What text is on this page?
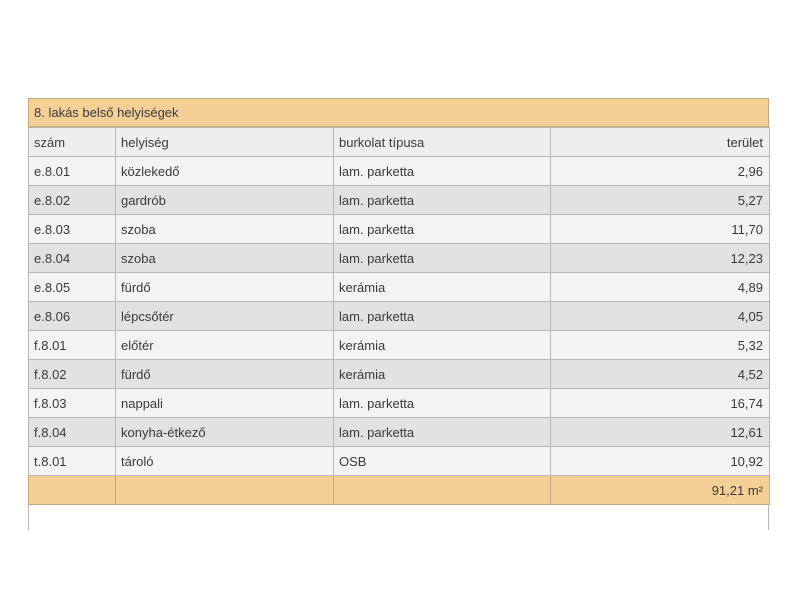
8. lakás belső helyiségek
szám	helyiség	burkolat típusa	terület
e.8.01	közlekedő	lam. parketta	2,96
e.8.02	gardrób	lam. parketta	5,27
e.8.03	szoba	lam. parketta	11,70
e.8.04	szoba	lam. parketta	12,23
e.8.05	fürdő	kerámia	4,89
e.8.06	lépcsőtér	lam. parketta	4,05
f.8.01	előtér	kerámia	5,32
f.8.02	fürdő	kerámia	4,52
f.8.03	nappali	lam. parketta	16,74
f.8.04	konyha-étkező	lam. parketta	12,61
t.8.01	tároló	OSB	10,92
			91,21 m²
